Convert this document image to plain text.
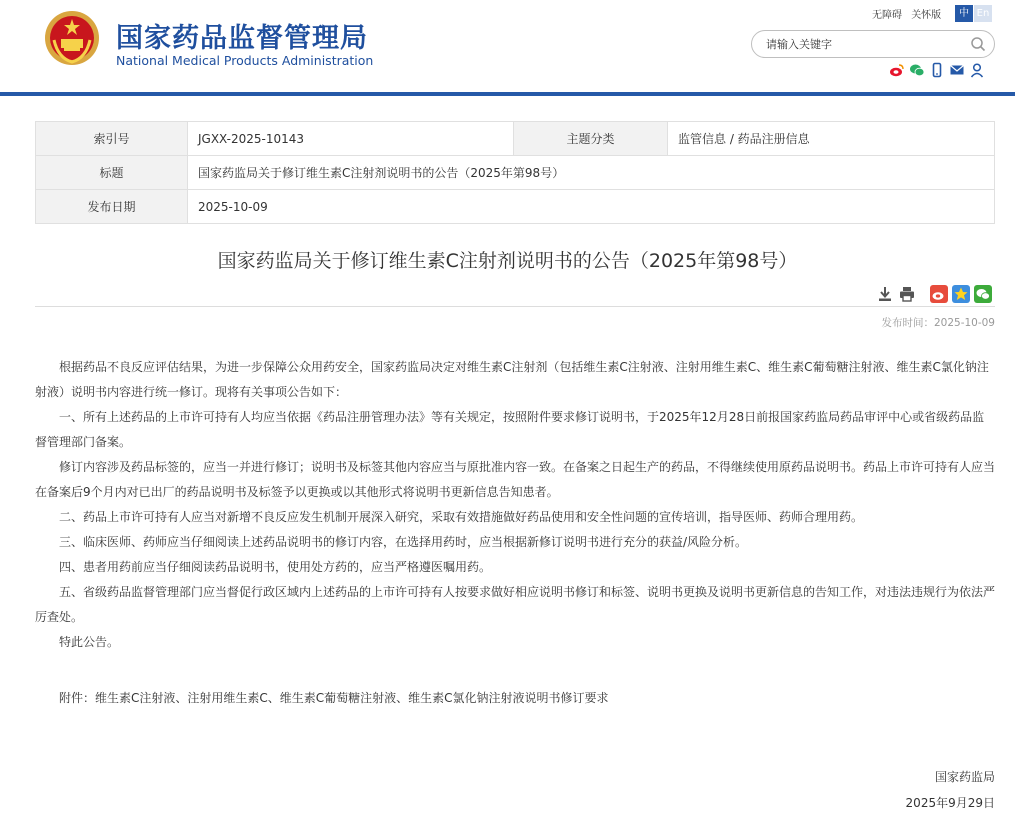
国家药品监督管理局
National Medical Products Administration
无障碍 关怀版	中 En
请输入关键字
索引号	JGXX-2025-10143	主题分类	监管信息 / 药品注册信息
标题	国家药监局关于修订维生素C注射剂说明书的公告（2025年第98号）		
发布日期	2025-10-09		
国家药监局关于修订维生素C注射剂说明书的公告（2025年第98号）
发布时间：2025-10-09

根据药品不良反应评估结果，为进一步保障公众用药安全，国家药监局决定对维生素C注射剂（包括维生素C注射液、注射用维生素C、维生素C葡萄糖注射液、维生素C氯化钠注射液）说明书内容进行统一修订。现将有关事项公告如下：

一、所有上述药品的上市许可持有人均应当依据《药品注册管理办法》等有关规定，按照附件要求修订说明书，于2025年12月28日前报国家药监局药品审评中心或省级药品监督管理部门备案。

修订内容涉及药品标签的，应当一并进行修订；说明书及标签其他内容应当与原批准内容一致。在备案之日起生产的药品，不得继续使用原药品说明书。药品上市许可持有人应当在备案后9个月内对已出厂的药品说明书及标签予以更换或以其他形式将说明书更新信息告知患者。

二、药品上市许可持有人应当对新增不良反应发生机制开展深入研究，采取有效措施做好药品使用和安全性问题的宣传培训，指导医师、药师合理用药。

三、临床医师、药师应当仔细阅读上述药品说明书的修订内容，在选择用药时，应当根据新修订说明书进行充分的获益/风险分析。

四、患者用药前应当仔细阅读药品说明书，使用处方药的，应当严格遵医嘱用药。

五、省级药品监督管理部门应当督促行政区域内上述药品的上市许可持有人按要求做好相应说明书修订和标签、说明书更换及说明书更新信息的告知工作，对违法违规行为依法严厉查处。

特此公告。

附件：维生素C注射液、注射用维生素C、维生素C葡萄糖注射液、维生素C氯化钠注射液说明书修订要求
国家药监局
2025年9月29日
